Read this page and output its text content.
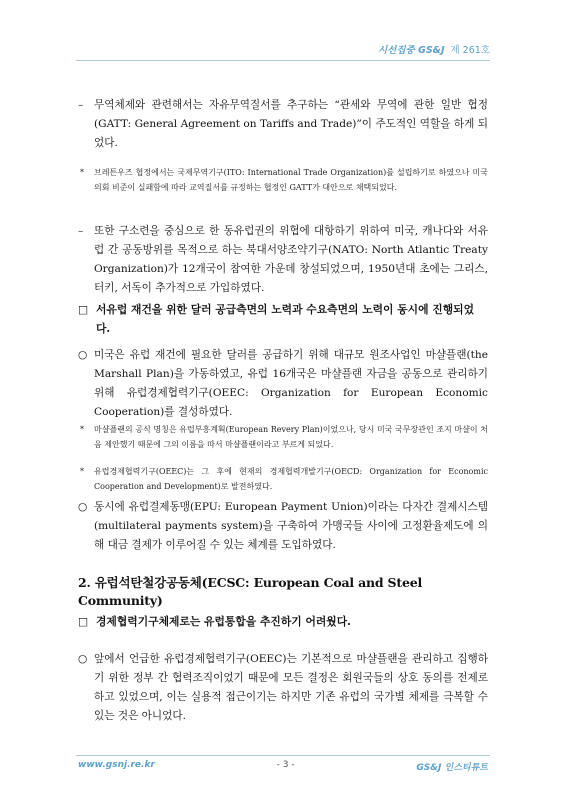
시선집중 GS&J 제 261호
–	무역체제와 관련해서는 자유무역질서를 추구하는 “관세와 무역에 관한 일반 협정(GATT: General Agreement on Tariffs and Trade)”이 주도적인 역할을 하게 되었다.
*	브레튼우즈 협정에서는 국제무역기구(ITO: International Trade Organization)를 설립하기로 하였으나 미국 의회 비준이 실패함에 따라 교역질서를 규정하는 협정인 GATT가 대안으로 채택되었다.
–	또한 구소련을 중심으로 한 동유럽권의 위협에 대항하기 위하여 미국, 캐나다와 서유럽 간 공동방위를 목적으로 하는 북대서양조약기구(NATO: North Atlantic Treaty Organization)가 12개국이 참여한 가운데 창설되었으며, 1950년대 초에는 그리스, 터키, 서독이 추가적으로 가입하였다.
□ 서유럽 재건을 위한 달러 공급측면의 노력과 수요측면의 노력이 동시에 진행되었다.
○ 미국은 유럽 재건에 필요한 달러를 공급하기 위해 대규모 원조사업인 마샬플랜(the Marshall Plan)을 가동하였고, 유럽 16개국은 마샬플랜 자금을 공동으로 관리하기 위해 유럽경제협력기구(OEEC: Organization for European Economic Cooperation)를 결성하였다.
*	마샬플랜의 공식 명칭은 유럽부흥계획(European Revery Plan)이었으나, 당시 미국 국무장관인 조지 마샬이 처음 제안했기 때문에 그의 이름을 따서 마샬플랜이라고 부르게 되었다.
*	유럽경제협력기구(OEEC)는 그 후에 현재의 경제협력개발기구(OECD: Organization for Economic Cooperation and Development)로 발전하였다.
○ 동시에 유럽결제동맹(EPU: European Payment Union)이라는 다자간 결제시스템(multilateral payments system)을 구축하여 가맹국들 사이에 고정환율제도에 의해 대금 결제가 이루어질 수 있는 체계를 도입하였다.
2. 유럽석탄철강공동체(ECSC: European Coal and Steel Community)
□ 경제협력기구체제로는 유럽통합을 추진하기 어려웠다.
○ 앞에서 언급한 유럽경제협력기구(OEEC)는 기본적으로 마샬플랜을 관리하고 집행하기 위한 정부 간 협력조직이었기 때문에 모든 결정은 회원국들의 상호 동의를 전제로 하고 있었으며, 이는 실용적 접근이기는 하지만 기존 유럽의 국가별 체제를 극복할 수 있는 것은 아니었다.
www.gsnj.re.kr	- 3 -	GS&J 인스티튜트
